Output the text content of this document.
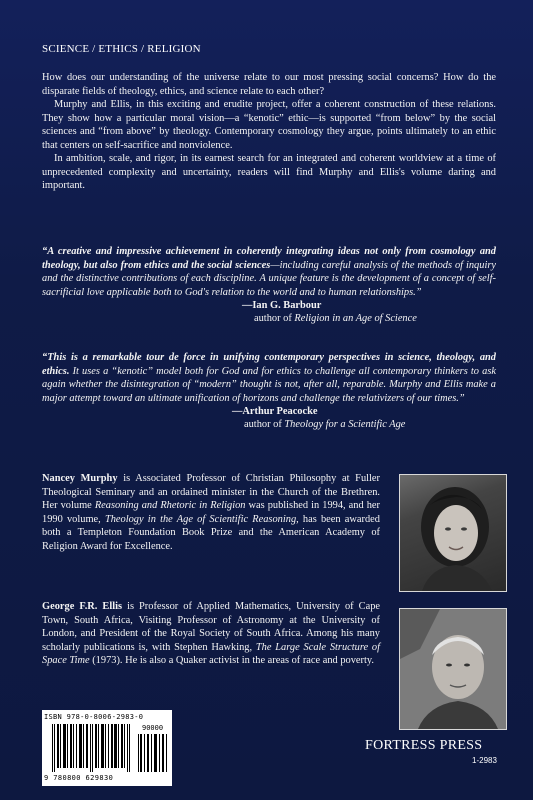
SCIENCE / ETHICS / RELIGION

How does our understanding of the universe relate to our most pressing social concerns? How do the disparate fields of theology, ethics, and science relate to each other?

Murphy and Ellis, in this exciting and erudite project, offer a coherent construction of these relations. They show how a particular moral vision—a “kenotic” ethic—is supported “from below” by the social sciences and “from above” by theology. Contemporary cosmology they argue, points ultimately to an ethic that centers on self-sacrifice and nonviolence.

In ambition, scale, and rigor, in its earnest search for an integrated and coherent worldview at a time of unprecedented complexity and uncertainty, readers will find Murphy and Ellis's volume daring and important.

“A creative and impressive achievement in coherently integrating ideas not only from cosmology and theology, but also from ethics and the social sciences—including careful analysis of the methods of inquiry and the distinctive contributions of each discipline. A unique feature is the development of a concept of self-sacrificial love applicable both to God's relation to the world and to human relationships.”

—Ian G. Barbour

author of Religion in an Age of Science

“This is a remarkable tour de force in unifying contemporary perspectives in science, theology, and ethics. It uses a “kenotic” model both for God and for ethics to challenge all contemporary thinkers to ask again whether the disintegration of “modern” thought is not, after all, reparable. Murphy and Ellis make a major attempt toward an ultimate unification of horizons and challenge the relativizers of our times.”

—Arthur Peacocke

author of Theology for a Scientific Age

Nancey Murphy is Associated Professor of Christian Philosophy at Fuller Theological Seminary and an ordained minister in the Church of the Brethren. Her volume Reasoning and Rhetoric in Religion was published in 1994, and her 1990 volume, Theology in the Age of Scientific Reasoning, has been awarded both a Templeton Foundation Book Prize and the American Academy of Religion Award for Excellence.

George F.R. Ellis is Professor of Applied Mathematics, University of Cape Town, South Africa, Visiting Professor of Astronomy at the University of London, and President of the Royal Society of South Africa. Among his many scholarly publications is, with Stephen Hawking, The Large Scale Structure of Space Time (1973). He is also a Quaker activist in the areas of race and poverty.

ISBN 978-0-8006-2983-0
90000
9 780800 629830
FORTRESS PRESS
1-2983
